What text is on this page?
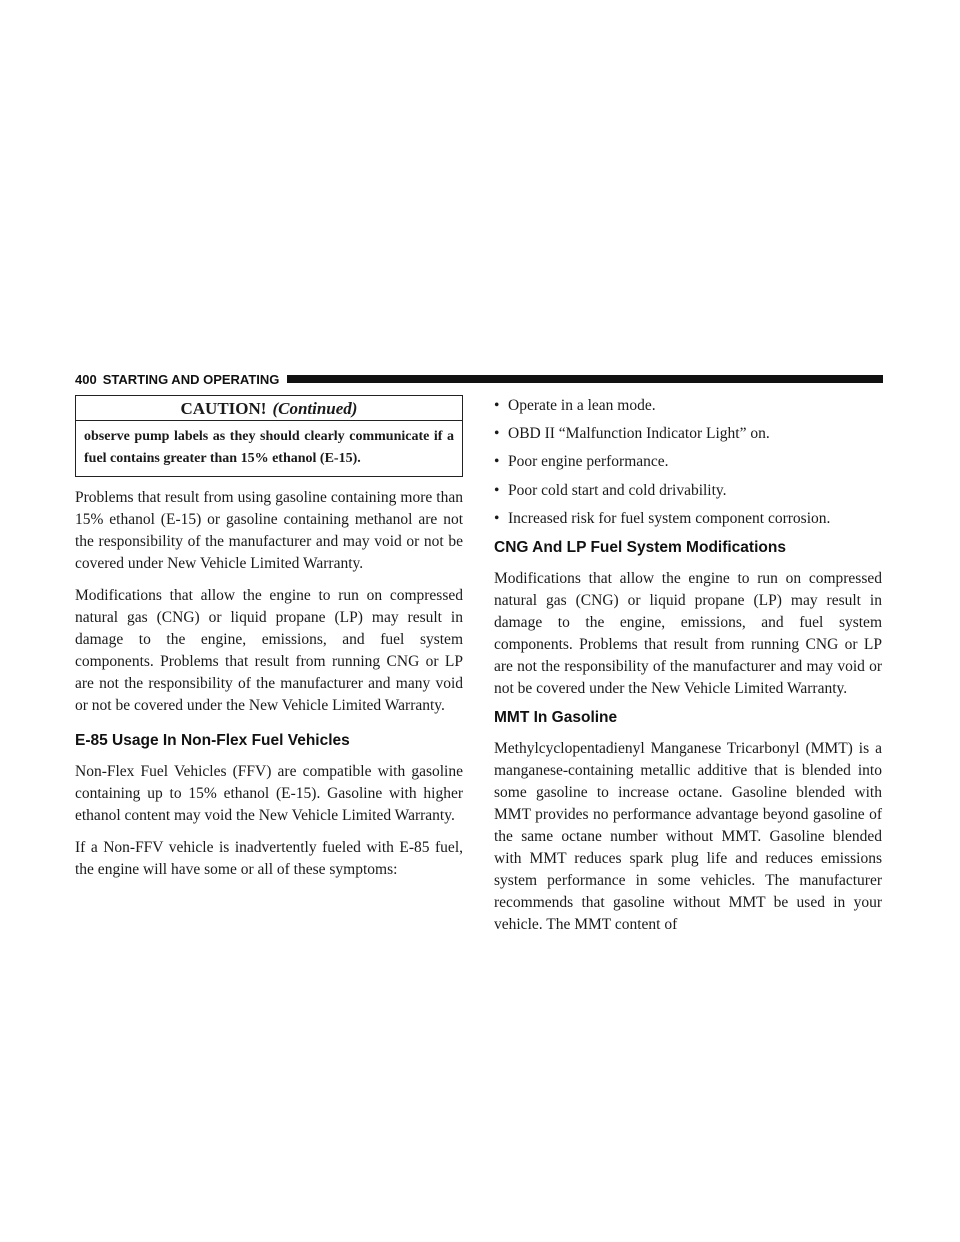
400 STARTING AND OPERATING
CAUTION! (Continued)
observe pump labels as they should clearly communicate if a fuel contains greater than 15% ethanol (E-15).

Problems that result from using gasoline containing more than 15% ethanol (E-15) or gasoline containing methanol are not the responsibility of the manufacturer and may void or not be covered under New Vehicle Limited Warranty.

Modifications that allow the engine to run on compressed natural gas (CNG) or liquid propane (LP) may result in damage to the engine, emissions, and fuel system components. Problems that result from running CNG or LP are not the responsibility of the manufacturer and many void or not be covered under the New Vehicle Limited Warranty.

E-85 Usage In Non-Flex Fuel Vehicles

Non-Flex Fuel Vehicles (FFV) are compatible with gasoline containing up to 15% ethanol (E-15). Gasoline with higher ethanol content may void the New Vehicle Limited Warranty.

If a Non-FFV vehicle is inadvertently fueled with E-85 fuel, the engine will have some or all of these symptoms:

• Operate in a lean mode.
• OBD II “Malfunction Indicator Light” on.
• Poor engine performance.
• Poor cold start and cold drivability.
• Increased risk for fuel system component corrosion.
CNG And LP Fuel System Modifications

Modifications that allow the engine to run on compressed natural gas (CNG) or liquid propane (LP) may result in damage to the engine, emissions, and fuel system components. Problems that result from running CNG or LP are not the responsibility of the manufacturer and may void or not be covered under the New Vehicle Limited Warranty.

MMT In Gasoline

Methylcyclopentadienyl Manganese Tricarbonyl (MMT) is a manganese-containing metallic additive that is blended into some gasoline to increase octane. Gasoline blended with MMT provides no performance advantage beyond gasoline of the same octane number without MMT. Gasoline blended with MMT reduces spark plug life and reduces emissions system performance in some vehicles. The manufacturer recommends that gasoline without MMT be used in your vehicle. The MMT content of
